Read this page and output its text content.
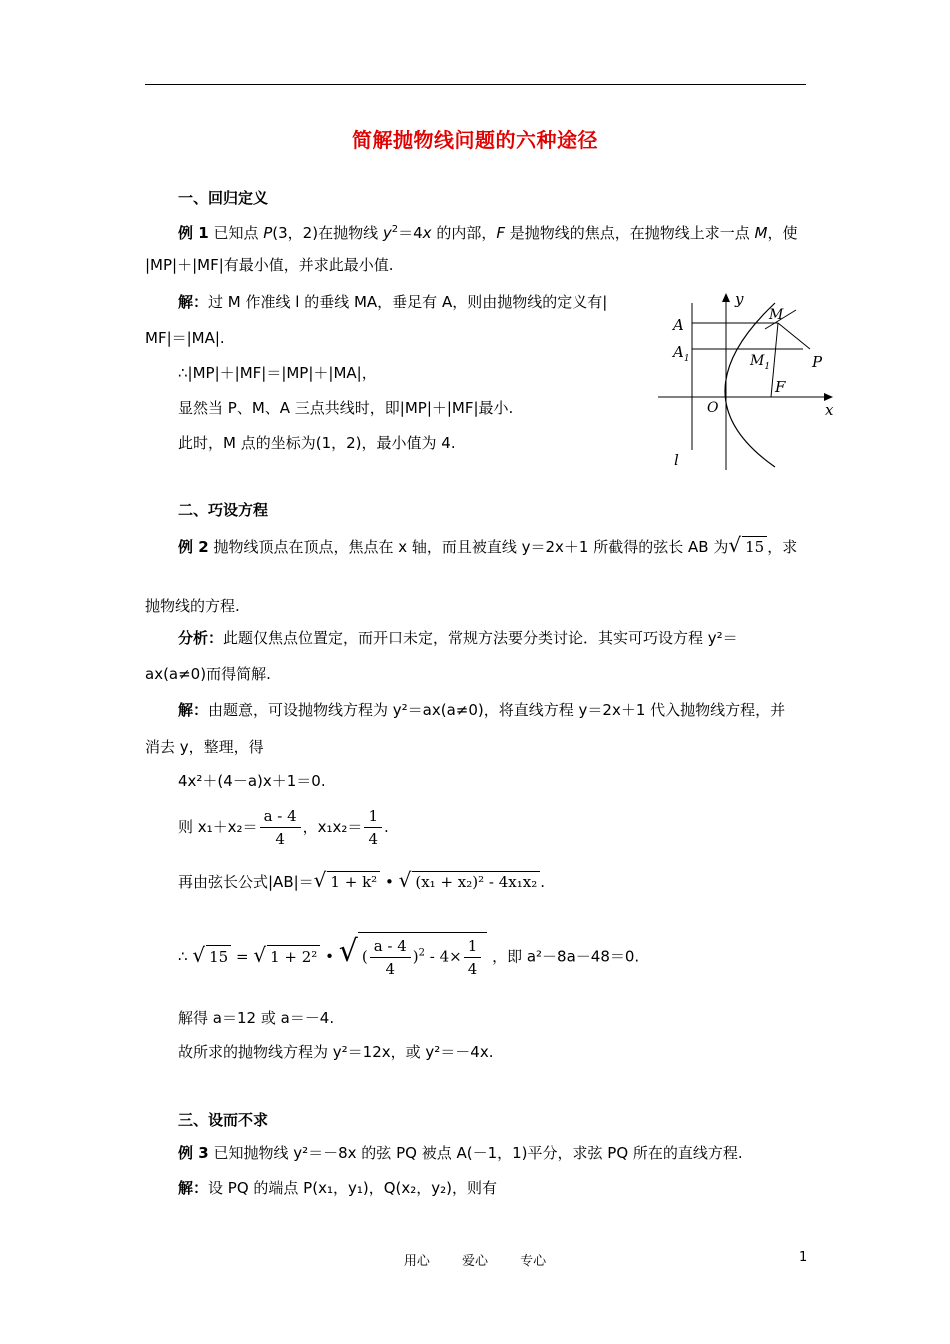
简解抛物线问题的六种途径
一、回归定义
例 1 已知点 P(3，2)在抛物线 $y^2=4x$ 的内部，F 是抛物线的焦点，在抛物线上求一点 M，使
|MP|＋|MF|有最小值，并求此最小值.
解：过 M 作准线 l 的垂线 MA，垂足有 A，则由抛物线的定义有|
MF|＝|MA|.
∴|MP|＋|MF|＝|MP|＋|MA|，
显然当 P、M、A 三点共线时，即|MP|＋|MF|最小.
此时，M 点的坐标为(1，2)，最小值为 4.
y
x
O
A
$A_1$
M
$M_1$	P
F
l
二、巧设方程
例 2 抛物线顶点在顶点，焦点在 x 轴，而且被直线 y＝2x＋1 所截得的弦长 AB 为√ 15 ，求
抛物线的方程.
分析：此题仅焦点位置定，而开口未定，常规方法要分类讨论．其实可巧设方程 y²＝
ax(a≠0)而得简解.
解：由题意，可设抛物线方程为 y²＝ax(a≠0)，将直线方程 y＝2x＋1 代入抛物线方程，并
消去 y，整理，得
4x²＋(4－a)x＋1＝0.
则 $x_1+x_2= \frac{a - 4}{4}$ ，$x_1x_2= \frac{1}{4}$ .
再由弦长公式|AB|＝√ 1 + k² • √ (x₁ + x₂)² - 4x₁x₂ .
∴ √ 15 = √ 1 + 2² • √ ( $\frac{a - 4}{4} )^2 - 4\times \frac{1}{4}$ ，即 a²－8a－48＝0.
解得 a＝12 或 a＝－4.
故所求的抛物线方程为 y²＝12x，或 y²＝－4x.
三、设而不求
例 3 已知抛物线 y²＝－8x 的弦 PQ 被点 A(－1，1)平分，求弦 PQ 所在的直线方程.
解：设 PQ 的端点 P(x₁，y₁)，Q(x₂，y₂)，则有
用心 爱心 专心	1
